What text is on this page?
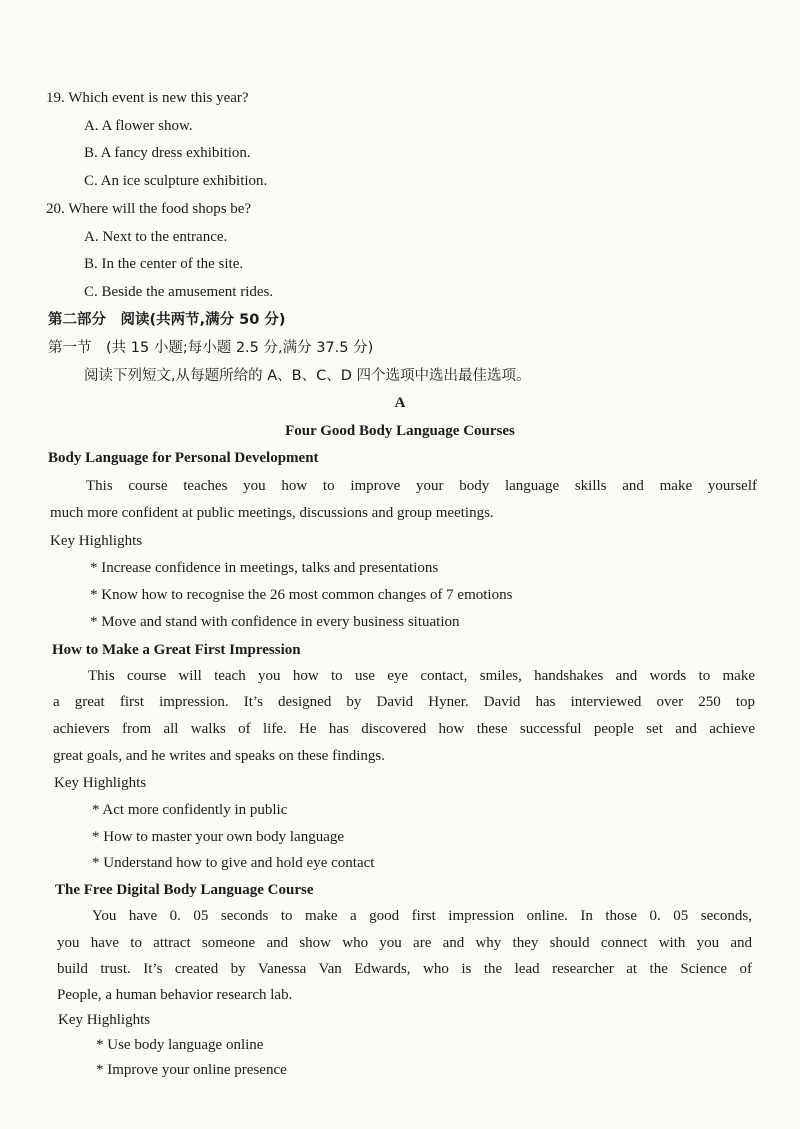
19. Which event is new this year?
A. A flower show.
B. A fancy dress exhibition.
C. An ice sculpture exhibition.
20. Where will the food shops be?
A. Next to the entrance.
B. In the center of the site.
C. Beside the amusement rides.
第二部分　阅读(共两节,满分 50 分)
第一节　(共 15 小题;每小题 2.5 分,满分 37.5 分)
阅读下列短文,从每题所给的 A、B、C、D 四个选项中选出最佳选项。
A
Four Good Body Language Courses
Body Language for Personal Development
This course teaches you how to improve your body language skills and make yourself
much more confident at public meetings, discussions and group meetings.
Key Highlights
* Increase confidence in meetings, talks and presentations
* Know how to recognise the 26 most common changes of 7 emotions
* Move and stand with confidence in every business situation
How to Make a Great First Impression
This course will teach you how to use eye contact, smiles, handshakes and words to make
a great first impression. It’s designed by David Hyner. David has interviewed over 250 top
achievers from all walks of life. He has discovered how these successful people set and achieve
great goals, and he writes and speaks on these findings.
Key Highlights
* Act more confidently in public
* How to master your own body language
* Understand how to give and hold eye contact
The Free Digital Body Language Course
You have 0. 05 seconds to make a good first impression online. In those 0. 05 seconds,
you have to attract someone and show who you are and why they should connect with you and
build trust. It’s created by Vanessa Van Edwards, who is the lead researcher at the Science of
People, a human behavior research lab.
Key Highlights
* Use body language online
* Improve your online presence
